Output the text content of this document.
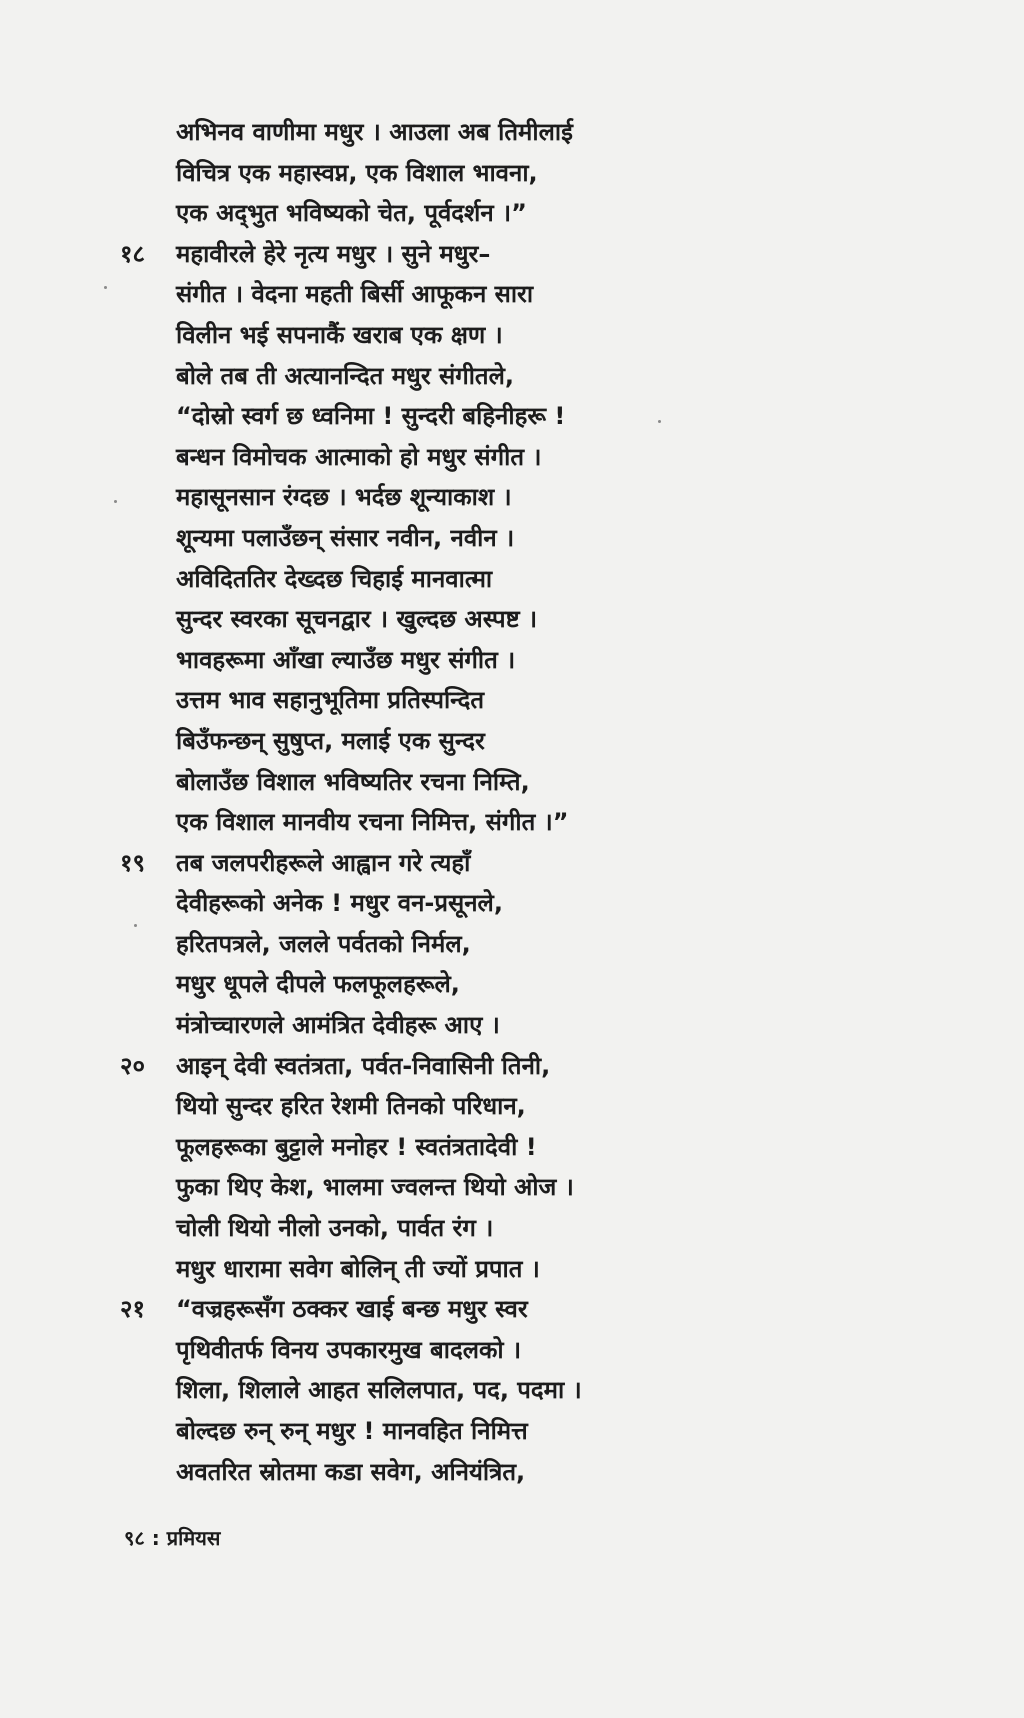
अभिनव वाणीमा मधुर । आउला अब तिमीलाई
विचित्र एक महास्वप्न, एक विशाल भावना,
एक अद्‌भुत भविष्यको चेत, पूर्वदर्शन ।”
१८	महावीरले हेरे नृत्य मधुर । सुने मधुर–
संगीत । वेदना महती बिर्सी आफूकन सारा
विलीन भई सपनाकैं खराब एक क्षण ।
बोले तब ती अत्यानन्दित मधुर संगीतले,
“दोस्रो स्वर्ग छ ध्वनिमा ! सुन्दरी बहिनीहरू !
बन्धन विमोचक आत्माको हो मधुर संगीत ।
महासूनसान रंग्दछ । भर्दछ शून्याकाश ।
शून्यमा पलाउँछन् संसार नवीन, नवीन ।
अविदिततिर देख्दछ चिहाई मानवात्मा
सुन्दर स्वरका सूचनद्वार । खुल्दछ अस्पष्ट ।
भावहरूमा आँखा ल्याउँछ मधुर संगीत ।
उत्तम भाव सहानुभूतिमा प्रतिस्पन्दित
बिउँफन्छन् सुषुप्त, मलाई एक सुन्दर
बोलाउँछ विशाल भविष्यतिर रचना निम्ति,
एक विशाल मानवीय रचना निमित्त, संगीत ।”
१९	तब जलपरीहरूले आह्वान गरे त्यहाँ
देवीहरूको अनेक ! मधुर वन-प्रसूनले,
हरितपत्रले, जलले पर्वतको निर्मल,
मधुर धूपले दीपले फलफूलहरूले,
मंत्रोच्चारणले आमंत्रित देवीहरू आए ।
२०	आइन् देवी स्वतंत्रता, पर्वत-निवासिनी तिनी,
थियो सुन्दर हरित रेशमी तिनको परिधान,
फूलहरूका बुट्टाले मनोहर ! स्वतंत्रतादेवी !
फुका थिए केश, भालमा ज्वलन्त थियो ओज ।
चोली थियो नीलो उनको, पार्वत रंग ।
मधुर धारामा सवेग बोलिन् ती ज्यों प्रपात ।
२१	“वज्रहरूसँग ठक्कर खाई बन्छ मधुर स्वर
पृथिवीतर्फ विनय उपकारमुख बादलको ।
शिला, शिलाले आहत सलिलपात, पद, पदमा ।
बोल्दछ रुन् रुन् मधुर ! मानवहित निमित्त
अवतरित स्रोतमा कडा सवेग, अनियंत्रित,
९८ : प्रमियस
